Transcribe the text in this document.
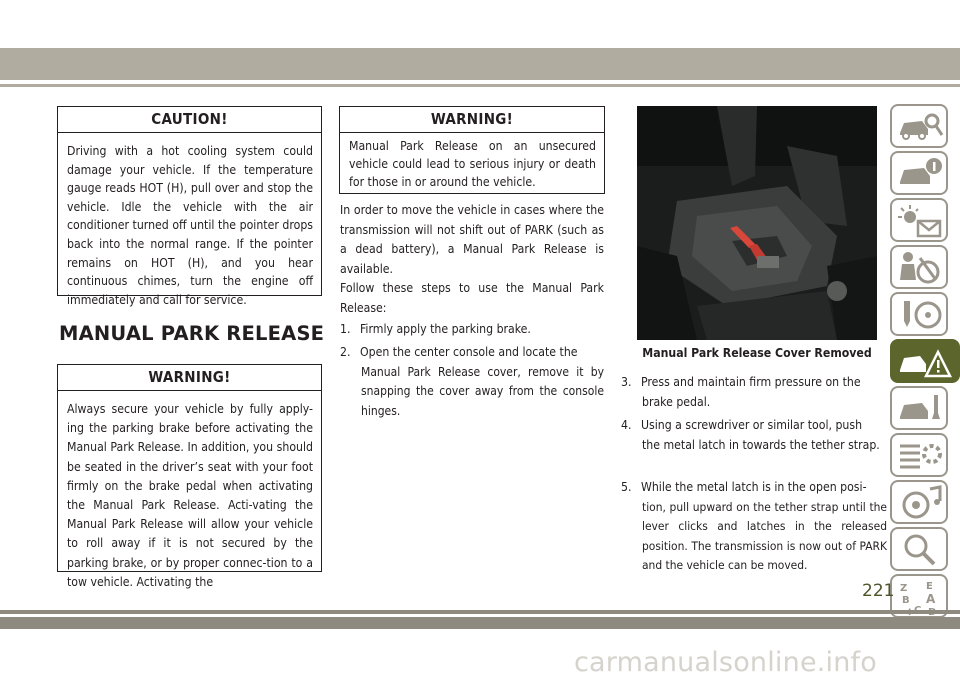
CAUTION!
Driving with a hot cooling system could damage your vehicle. If the temperature gauge reads HOT (H), pull over and stop the vehicle. Idle the vehicle with the air conditioner turned off until the pointer drops back into the normal range. If the pointer remains on HOT (H), and you hear continuous chimes, turn the engine off immediately and call for service.
MANUAL PARK RELEASE
WARNING!
Always secure your vehicle by fully apply-ing the parking brake before activating the Manual Park Release. In addition, you should be seated in the driver’s seat with your foot firmly on the brake pedal when activating the Manual Park Release. Acti-vating the Manual Park Release will allow your vehicle to roll away if it is not secured by the parking brake, or by proper connec-tion to a tow vehicle. Activating the
WARNING!
Manual Park Release on an unsecured vehicle could lead to serious injury or death for those in or around the vehicle.

In order to move the vehicle in cases where the transmission will not shift out of PARK (such as a dead battery), a Manual Park Release is available.

Follow these steps to use the Manual Park Release:

1. Firmly apply the parking brake.
2. Open the center console and locate the
Manual Park Release cover, remove it by snapping the cover away from the console hinges.
Manual Park Release Cover Removed
3. Press and maintain firm pressure on the
brake pedal.
4. Using a screwdriver or similar tool, push
the metal latch in towards the tether strap.
5. While the metal latch is in the open posi-
tion, pull upward on the tether strap until the lever clicks and latches in the released position. The transmission is now out of PARK and the vehicle can be moved.
Z E
B A
221
carmanualsonline.info
